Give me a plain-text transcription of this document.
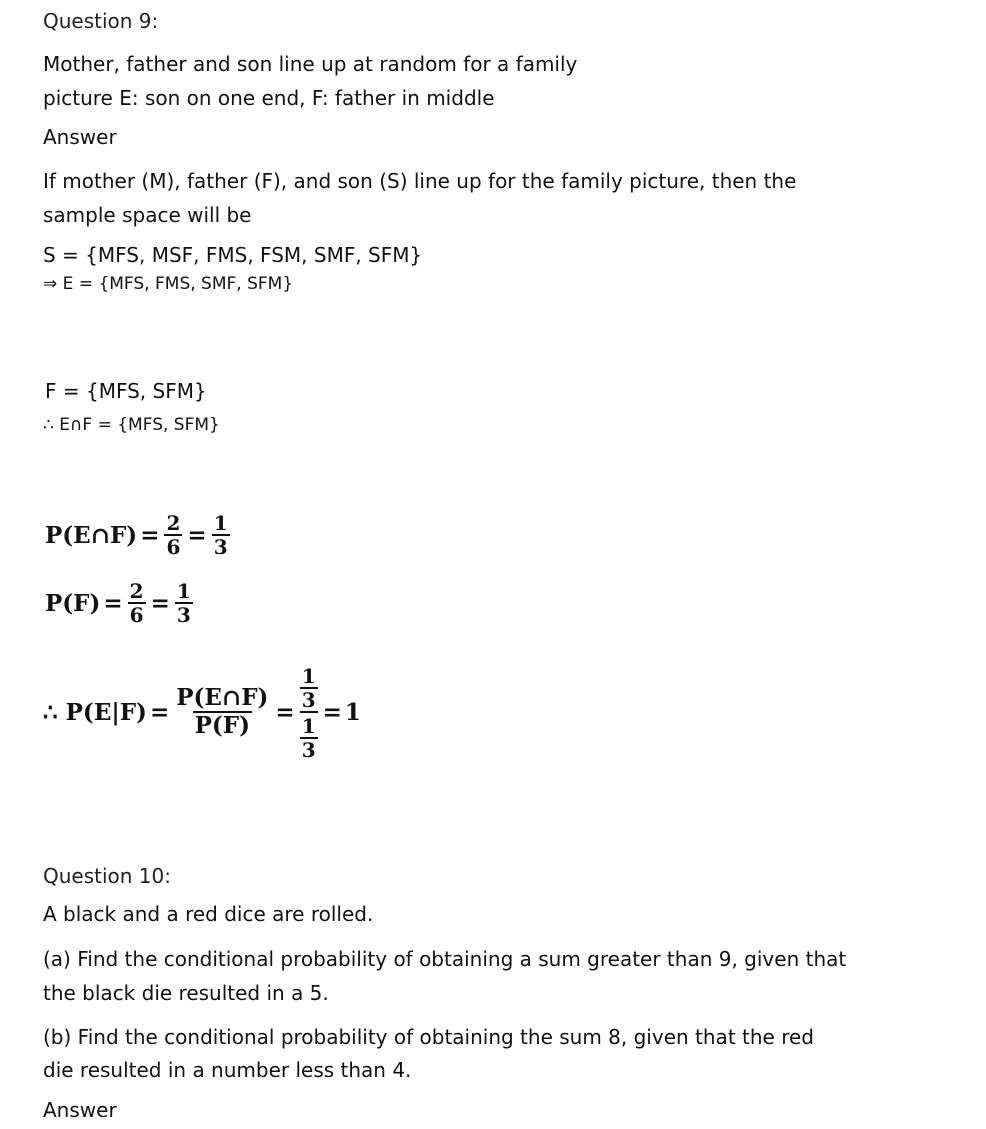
Question 9:
Mother, father and son line up at random for a family
picture E: son on one end, F: father in middle
Answer
If mother (M), father (F), and son (S) line up for the family picture, then the
sample space will be
S = {MFS, MSF, FMS, FSM, SMF, SFM}
⇒ E = {MFS, FMS, SMF, SFM}
F = {MFS, SFM}
∴ E∩F = {MFS, SFM}
P(E∩F) = $\frac{2}{6} = \frac{1}{3}$
$P(F) = \frac{2}{6} = \frac{1}{3}$
∴ $P(E|F) = \frac{P(E\cap F)}{P(F)} = \frac{\frac{1}{3}}{\frac{1}{3}} = 1$
Question 10:
A black and a red dice are rolled.
(a) Find the conditional probability of obtaining a sum greater than 9, given that
the black die resulted in a 5.
(b) Find the conditional probability of obtaining the sum 8, given that the red
die resulted in a number less than 4.
Answer
